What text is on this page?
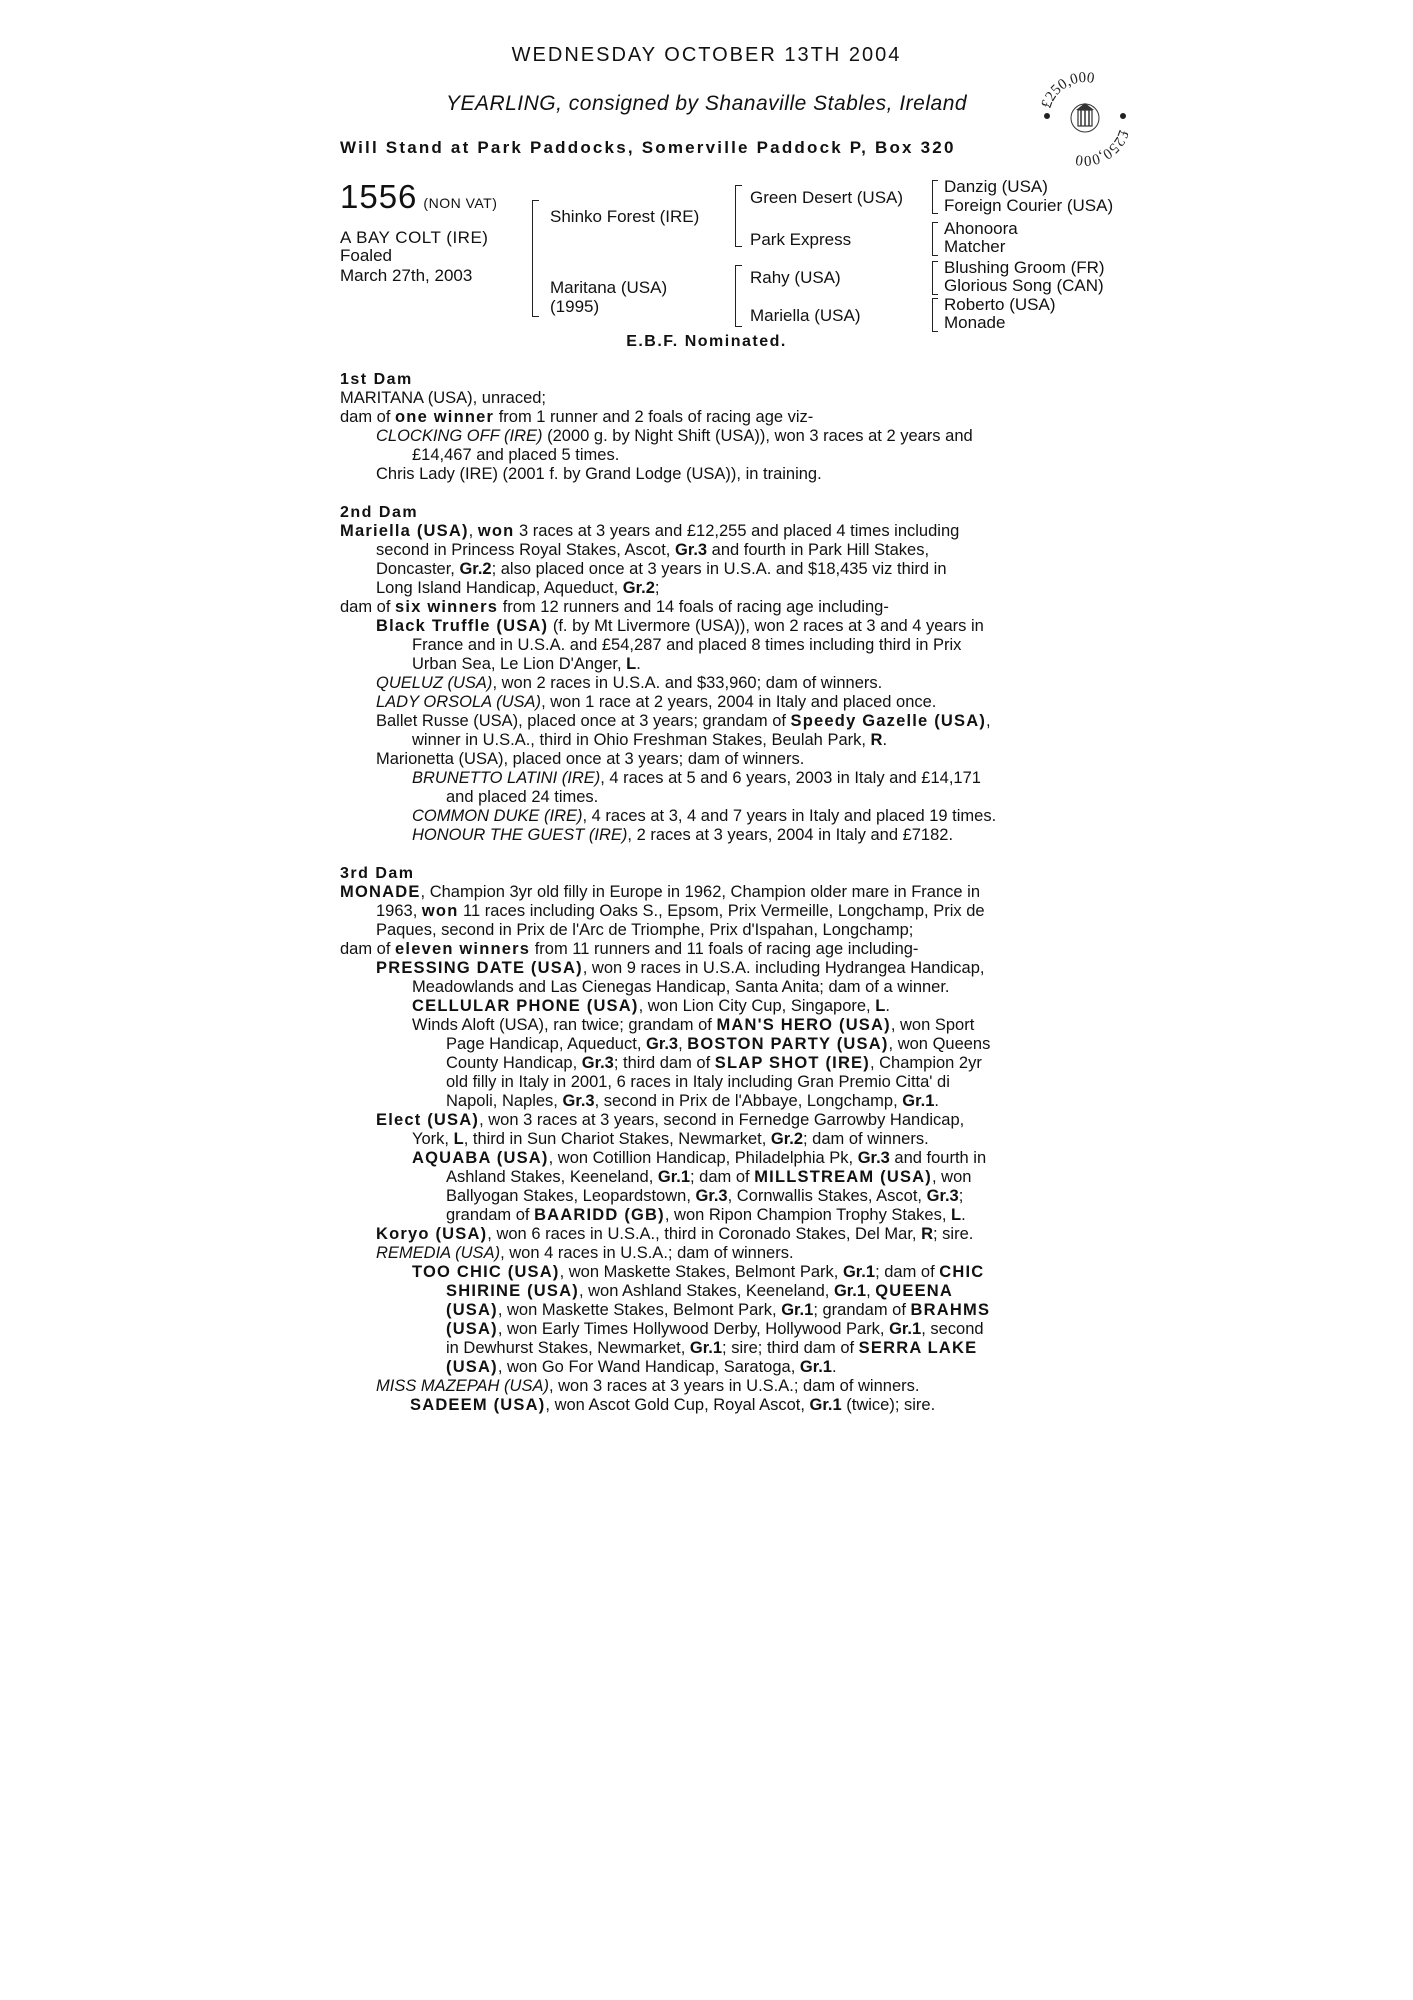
WEDNESDAY OCTOBER 13TH 2004
YEARLING, consigned by Shanaville Stables, Ireland
Will Stand at Park Paddocks, Somerville Paddock P, Box 320
£250,000
£250,000
1556 (NON VAT)
A BAY COLT (IRE)
Foaled
March 27th, 2003
Shinko Forest (IRE)
Maritana (USA)
(1995)
Green Desert (USA)
Park Express
Rahy (USA)
Mariella (USA)
Danzig (USA)
Foreign Courier (USA)
Ahonoora
Matcher
Blushing Groom (FR)
Glorious Song (CAN)
Roberto (USA)
Monade
E.B.F. Nominated.

1st Dam

MARITANA (USA), unraced;

dam of one winner from 1 runner and 2 foals of racing age viz-

CLOCKING OFF (IRE) (2000 g. by Night Shift (USA)), won 3 races at 2 years and

£14,467 and placed 5 times.

Chris Lady (IRE) (2001 f. by Grand Lodge (USA)), in training.

2nd Dam

Mariella (USA), won 3 races at 3 years and £12,255 and placed 4 times including

second in Princess Royal Stakes, Ascot, Gr.3 and fourth in Park Hill Stakes,

Doncaster, Gr.2; also placed once at 3 years in U.S.A. and $18,435 viz third in

Long Island Handicap, Aqueduct, Gr.2;

dam of six winners from 12 runners and 14 foals of racing age including-

Black Truffle (USA) (f. by Mt Livermore (USA)), won 2 races at 3 and 4 years in

France and in U.S.A. and £54,287 and placed 8 times including third in Prix

Urban Sea, Le Lion D'Anger, L.

QUELUZ (USA), won 2 races in U.S.A. and $33,960; dam of winners.

LADY ORSOLA (USA), won 1 race at 2 years, 2004 in Italy and placed once.

Ballet Russe (USA), placed once at 3 years; grandam of Speedy Gazelle (USA),

winner in U.S.A., third in Ohio Freshman Stakes, Beulah Park, R.

Marionetta (USA), placed once at 3 years; dam of winners.

BRUNETTO LATINI (IRE), 4 races at 5 and 6 years, 2003 in Italy and £14,171

and placed 24 times.

COMMON DUKE (IRE), 4 races at 3, 4 and 7 years in Italy and placed 19 times.

HONOUR THE GUEST (IRE), 2 races at 3 years, 2004 in Italy and £7182.

3rd Dam

MONADE, Champion 3yr old filly in Europe in 1962, Champion older mare in France in

1963, won 11 races including Oaks S., Epsom, Prix Vermeille, Longchamp, Prix de

Paques, second in Prix de l'Arc de Triomphe, Prix d'Ispahan, Longchamp;

dam of eleven winners from 11 runners and 11 foals of racing age including-

PRESSING DATE (USA), won 9 races in U.S.A. including Hydrangea Handicap,

Meadowlands and Las Cienegas Handicap, Santa Anita; dam of a winner.

CELLULAR PHONE (USA), won Lion City Cup, Singapore, L.

Winds Aloft (USA), ran twice; grandam of MAN'S HERO (USA), won Sport

Page Handicap, Aqueduct, Gr.3, BOSTON PARTY (USA), won Queens

County Handicap, Gr.3; third dam of SLAP SHOT (IRE), Champion 2yr

old filly in Italy in 2001, 6 races in Italy including Gran Premio Citta' di

Napoli, Naples, Gr.3, second in Prix de l'Abbaye, Longchamp, Gr.1.

Elect (USA), won 3 races at 3 years, second in Fernedge Garrowby Handicap,

York, L, third in Sun Chariot Stakes, Newmarket, Gr.2; dam of winners.

AQUABA (USA), won Cotillion Handicap, Philadelphia Pk, Gr.3 and fourth in

Ashland Stakes, Keeneland, Gr.1; dam of MILLSTREAM (USA), won

Ballyogan Stakes, Leopardstown, Gr.3, Cornwallis Stakes, Ascot, Gr.3;

grandam of BAARIDD (GB), won Ripon Champion Trophy Stakes, L.

Koryo (USA), won 6 races in U.S.A., third in Coronado Stakes, Del Mar, R; sire.

REMEDIA (USA), won 4 races in U.S.A.; dam of winners.

TOO CHIC (USA), won Maskette Stakes, Belmont Park, Gr.1; dam of CHIC

SHIRINE (USA), won Ashland Stakes, Keeneland, Gr.1, QUEENA

(USA), won Maskette Stakes, Belmont Park, Gr.1; grandam of BRAHMS

(USA), won Early Times Hollywood Derby, Hollywood Park, Gr.1, second

in Dewhurst Stakes, Newmarket, Gr.1; sire; third dam of SERRA LAKE

(USA), won Go For Wand Handicap, Saratoga, Gr.1.

MISS MAZEPAH (USA), won 3 races at 3 years in U.S.A.; dam of winners.

SADEEM (USA), won Ascot Gold Cup, Royal Ascot, Gr.1 (twice); sire.
